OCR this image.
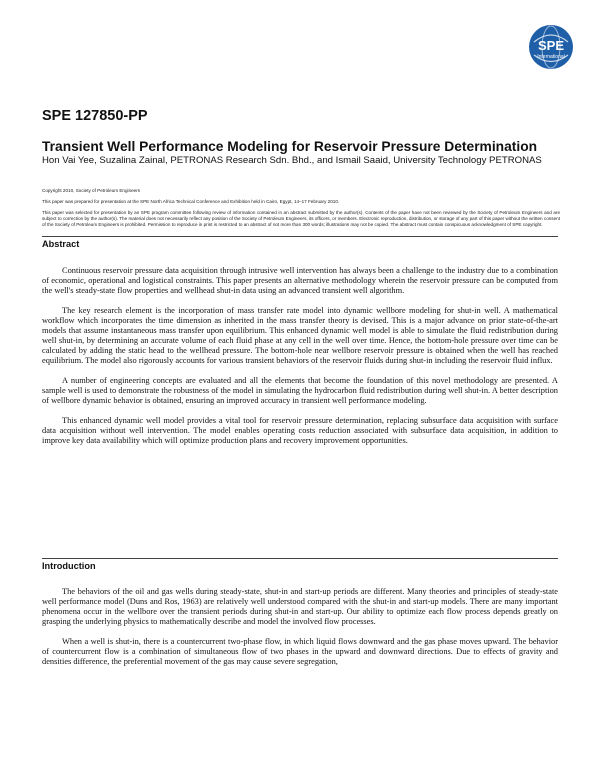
SPE
International
SPE 127850-PP
Transient Well Performance Modeling for Reservoir Pressure Determination
Hon Vai Yee, Suzalina Zainal, PETRONAS Research Sdn. Bhd., and Ismail Saaid, University Technology PETRONAS

Copyright 2010, Society of Petroleum Engineers

This paper was prepared for presentation at the SPE North Africa Technical Conference and Exhibition held in Cairo, Egypt, 14–17 February 2010.

This paper was selected for presentation by an SPE program committee following review of information contained in an abstract submitted by the author(s). Contents of the paper have not been reviewed by the Society of Petroleum Engineers and are subject to correction by the author(s). The material does not necessarily reflect any position of the Society of Petroleum Engineers, its officers, or members. Electronic reproduction, distribution, or storage of any part of this paper without the written consent of the Society of Petroleum Engineers is prohibited. Permission to reproduce in print is restricted to an abstract of not more than 300 words; illustrations may not be copied. The abstract must contain conspicuous acknowledgment of SPE copyright.

Abstract

Continuous reservoir pressure data acquisition through intrusive well intervention has always been a challenge to the industry due to a combination of economic, operational and logistical constraints. This paper presents an alternative methodology wherein the reservoir pressure can be computed from the well's steady-state flow properties and wellhead shut-in data using an advanced transient well algorithm.

The key research element is the incorporation of mass transfer rate model into dynamic wellbore modeling for shut-in well. A mathematical workflow which incorporates the time dimension as inherited in the mass transfer theory is devised. This is a major advance on prior state-of-the-art models that assume instantaneous mass transfer upon equilibrium. This enhanced dynamic well model is able to simulate the fluid redistribution during well shut-in, by determining an accurate volume of each fluid phase at any cell in the well over time. Hence, the bottom-hole pressure over time can be calculated by adding the static head to the wellhead pressure. The bottom-hole near wellbore reservoir pressure is obtained when the well has reached equilibrium. The model also rigorously accounts for various transient behaviors of the reservoir fluids during shut-in including the reservoir fluid influx.

A number of engineering concepts are evaluated and all the elements that become the foundation of this novel methodology are presented. A sample well is used to demonstrate the robustness of the model in simulating the hydrocarbon fluid redistribution during well shut-in. A better description of wellbore dynamic behavior is obtained, ensuring an improved accuracy in transient well performance modeling.

This enhanced dynamic well model provides a vital tool for reservoir pressure determination, replacing subsurface data acquisition with surface data acquisition without well intervention. The model enables operating costs reduction associated with subsurface data acquisition, in addition to improve key data availability which will optimize production plans and recovery improvement opportunities.

Introduction

The behaviors of the oil and gas wells during steady-state, shut-in and start-up periods are different. Many theories and principles of steady-state well performance model (Duns and Ros, 1963) are relatively well understood compared with the shut-in and start-up models. There are many important phenomena occur in the wellbore over the transient periods during shut-in and start-up. Our ability to optimize each flow process depends greatly on grasping the underlying physics to mathematically describe and model the involved flow processes.

When a well is shut-in, there is a countercurrent two-phase flow, in which liquid flows downward and the gas phase moves upward. The behavior of countercurrent flow is a combination of simultaneous flow of two phases in the upward and downward directions. Due to effects of gravity and densities difference, the preferential movement of the gas may cause severe segregation,
